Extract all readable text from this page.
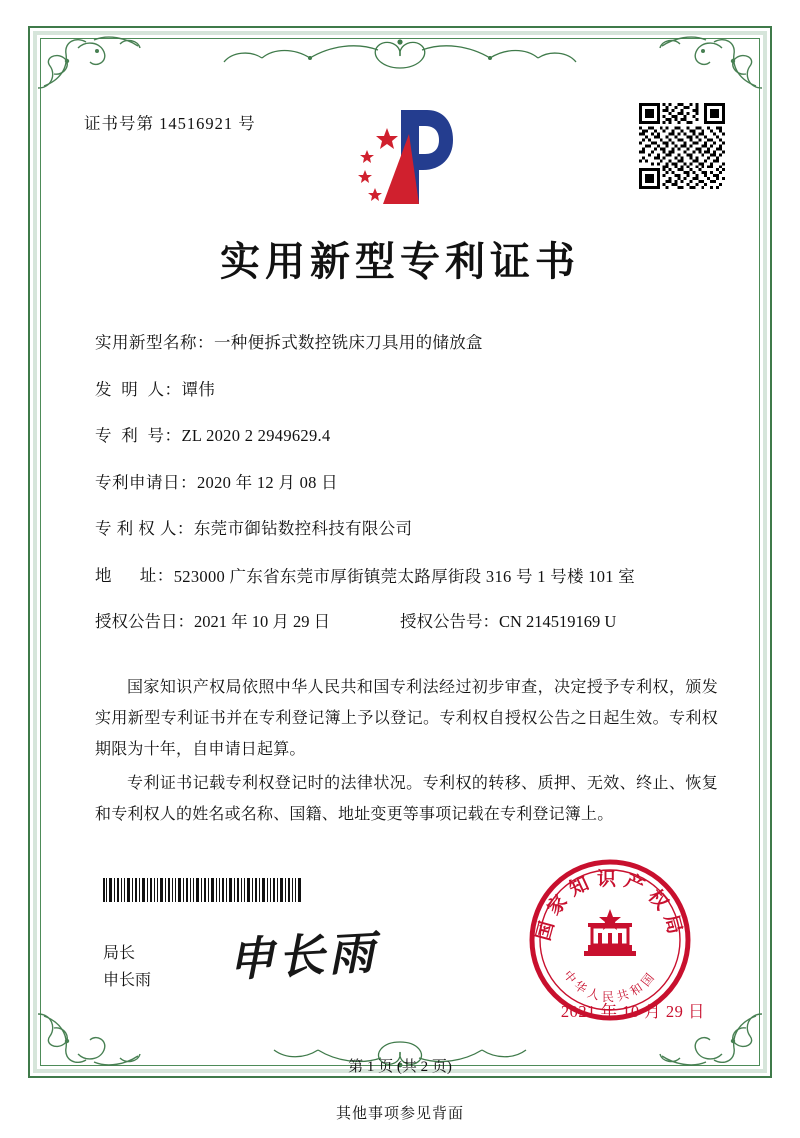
证书号第 14516921 号
实用新型专利证书
实用新型名称： 一种便拆式数控铣床刀具用的储放盒
发  明  人： 谭伟
专  利  号： ZL 2020 2 2949629.4
专利申请日： 2020 年 12 月 08 日
专 利 权 人： 东莞市御钻数控科技有限公司
地      址： 523000 广东省东莞市厚街镇莞太路厚街段 316 号 1 号楼 101 室
授权公告日：2021 年 10 月 29 日	授权公告号：CN 214519169 U

国家知识产权局依照中华人民共和国专利法经过初步审查，决定授予专利权，颁发实用新型专利证书并在专利登记簿上予以登记。专利权自授权公告之日起生效。专利权期限为十年，自申请日起算。

专利证书记载专利权登记时的法律状况。专利权的转移、质押、无效、终止、恢复和专利权人的姓名或名称、国籍、地址变更等事项记载在专利登记簿上。

局长
申长雨 申长雨	国家知识产权局
中华人民共和国
2021 年 10 月 29 日
第 1 页 (共 2 页)
其他事项参见背面
